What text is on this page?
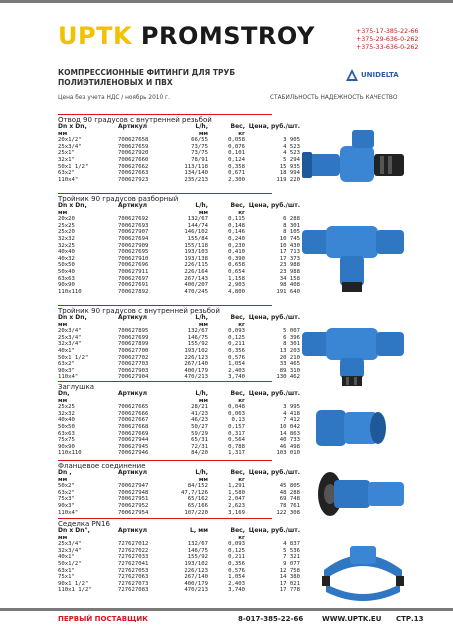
UPTK PROMSTROY	+375-17-385-22-66
+375-29-636-0-262
+375-33-636-0-262
КОМПРЕССИОННЫЕ ФИТИНГИ ДЛЯ ТРУБ
ПОЛИЭТИЛЕНОВЫХ И ПВХ
UNIDELTA
Цена без учета НДС / ноябрь 2010 г.	СТАБИЛЬНОСТЬ НАДЕЖНОСТЬ КАЧЕСТВО
Отвод 90 градусов с внутренней резьбой
Dn x Dn,	Артикул	L/h,	Вес,	Цена, руб./шт.
мм		мм	кг	
20x1/2"	700627658	66/55	0,058	3 905
25x3/4"	700627659	73/75	0,076	4 523
25x1"	700627920	73/75	0,101	4 523
32x1"	700627660	78/91	0,124	5 294
50x1 1/2"	700627662	113/118	0,358	15 935
63x2"	700627663	134/140	0,671	18 994
110x4"	700627923	235/213	2,300	119 220
Тройник 90 градусов разборный
Dn x Dn,	Артикул	L/h,	Вес,	Цена, руб./шт.
мм		мм	кг	
20x20	700627692	132/67	0,115	6 288
25x25	700627693	144/74	0,148	8 301
25x20	700627907	146/102	0,146	8 105
32x32	700627694	155/84	0,240	10 745
32x25	700627909	155/118	0,230	10 430
40x40	700627695	193/103	0,410	17 713
40x32	700627910	193/138	0,390	17 373
50x50	700627696	226/115	0,658	23 988
50x40	700627911	226/164	0,654	23 988
63x63	700627697	267/143	1,158	34 158
90x90	700627691	400/207	2,903	98 408
110x110	700627892	470/245	4,800	191 640
Тройник 90 градусов с внутренней резьбой
Dn x Dn,	Артикул	L/h,	Вес,	Цена, руб./шт.
мм		мм	кг	
20x3/4"	700627895	132/67	0,093	5 007
25x3/4"	700627699	146/75	0,125	6 396
32x3/4"	700627899	155/92	0,211	8 301
40x1"	700627700	193/102	0,356	13 203
50x1 1/2"	700627702	226/123	0,576	20 210
63x2"	700627703	267/140	1,054	33 465
90x3"	700627903	400/179	2,403	89 310
110x4"	700627904	470/213	3,740	130 462
Заглушка
Dn,	Артикул	L/h,	Вес,	Цена, руб./шт.
мм		мм	кг	
25x25	700627665	28/21	0,048	3 995
32x32	700627666	41/23	0,063	4 418
40x40	700627667	46/23	0,13	7 412
50x50	700627668	50/27	0,157	10 042
63x63	700627669	59/29	0,317	14 863
75x75	700627944	65/31	0,564	40 733
90x90	700627945	72/31	0,788	46 498
110x110	700627946	84/20	1,317	103 010
Фланцевое соединение
Dn ,	Артикул	L/h,	Вес,	Цена, руб./шт.
мм		мм	кг	
50x2"	700627947	84/152	1,291	45 805
63x2"	700627948	47,7/126	1,580	48 288
75x3"	700627951	65/162	2,047	69 748
90x3"	700627952	65/166	2,623	78 761
110x4"	700627954	107/220	3,169	122 308
Седелка PN16
Dn x Dn",	Артикул	L, мм	Вес,	Цена, руб./шт.
мм			кг	
25x3/4"	727627012	132/67	0,093	4 837
32x3/4"	727627022	146/75	0,125	5 536
40x1"	727627033	155/92	0,211	7 321
50x1/2"	727627041	193/102	0,356	9 077
63x1"	727627053	226/123	0,576	12 758
75x1"	727627063	267/140	1,054	14 380
90x1 1/2"	727627073	400/179	2,403	17 021
110x1 1/2"	727627083	470/213	3,740	17 778
ПЕРВЫЙ ПОСТАВЩИК	8-017-385-22-66	WWW.UPTK.EU СТР.13
